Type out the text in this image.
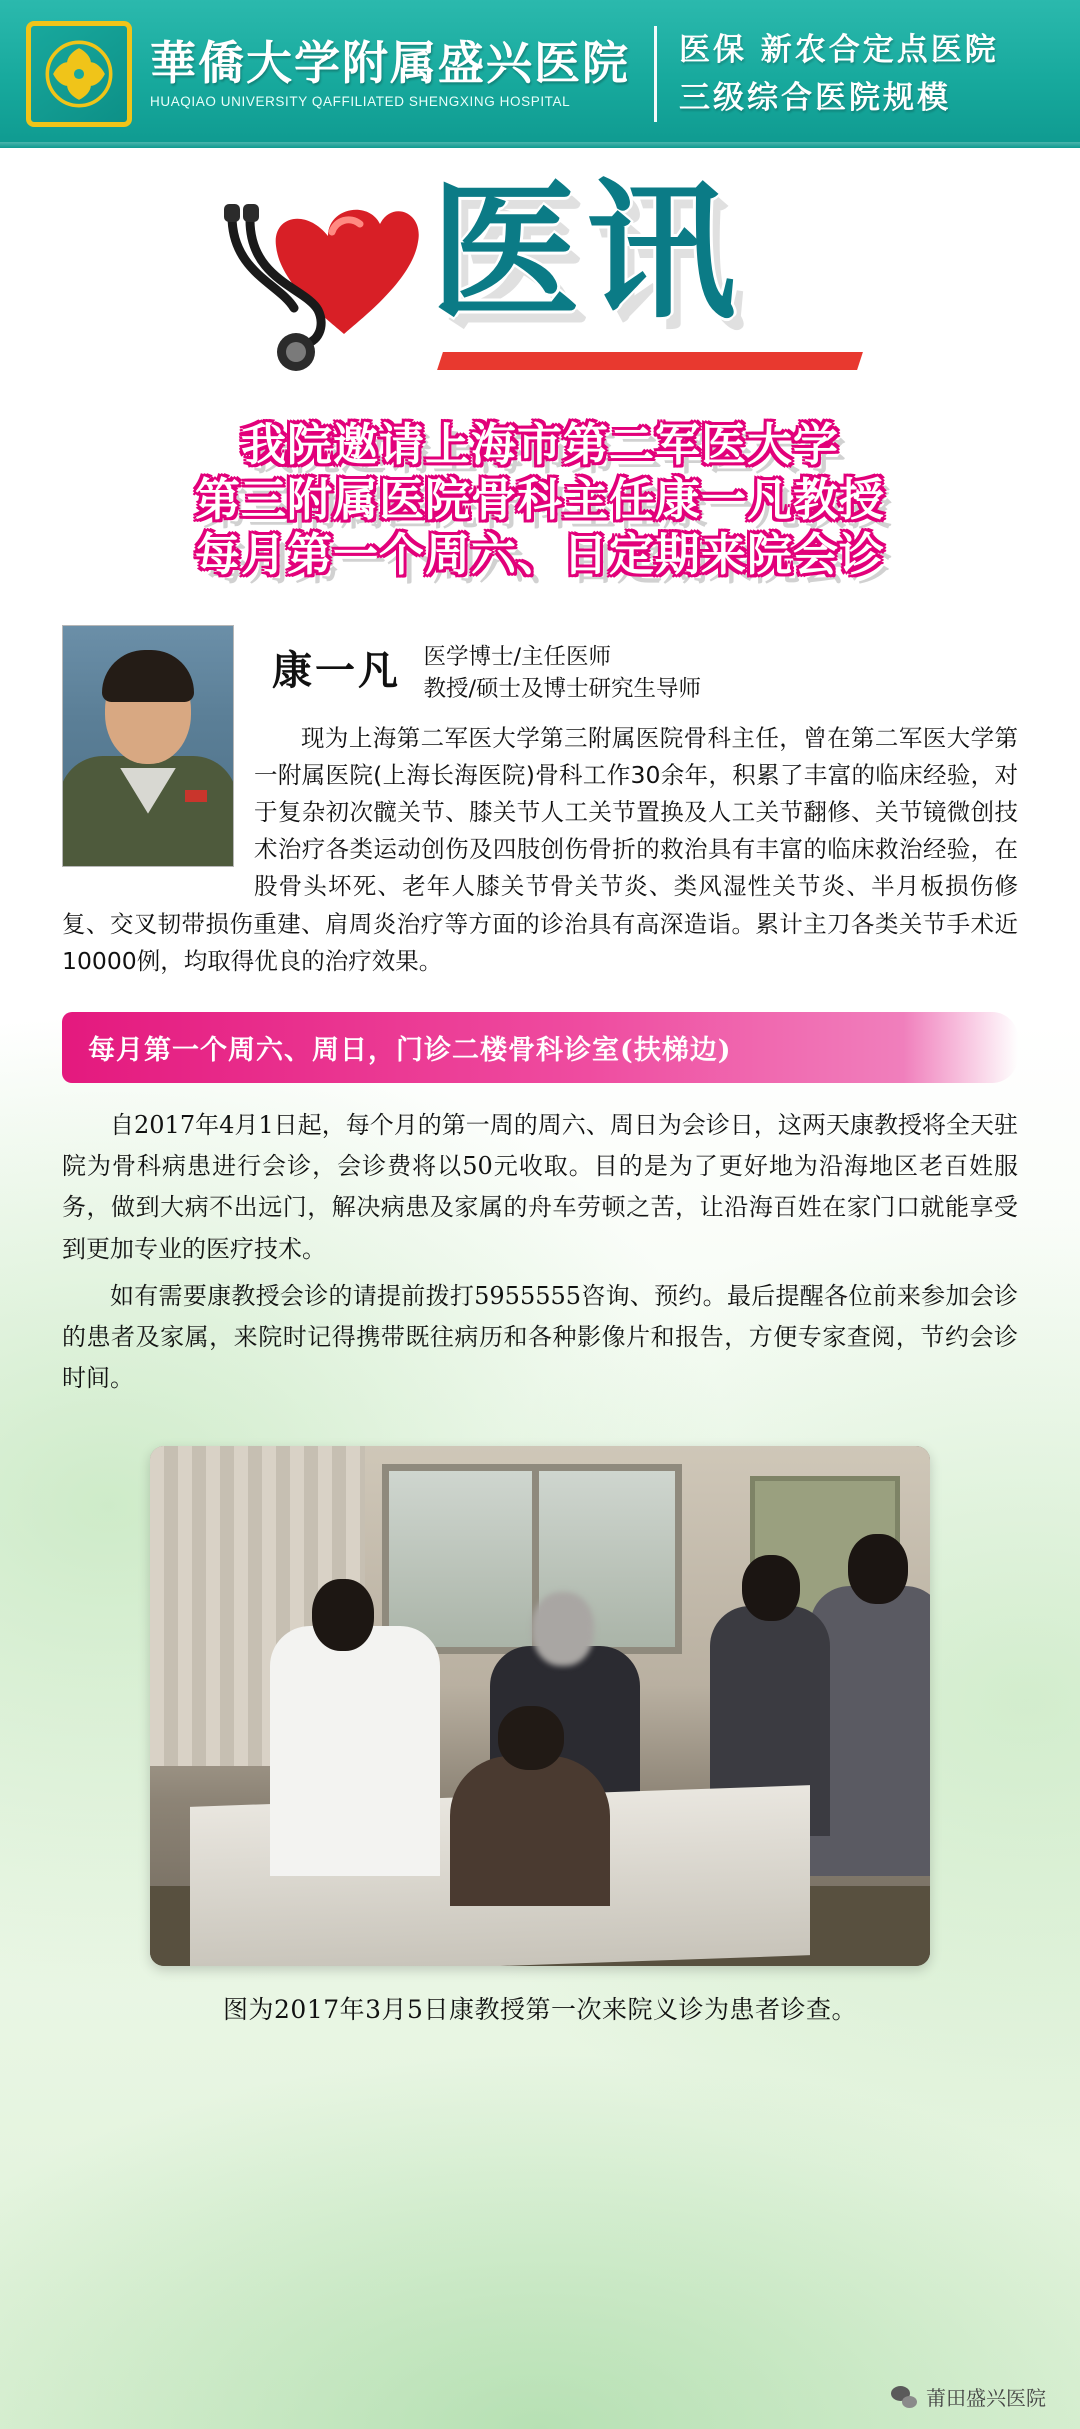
華僑大学附属盛兴医院
HUAQIAO UNIVERSITY QAFFILIATED SHENGXING HOSPITAL
医保 新农合定点医院
三级综合医院规模
医讯
我院邀请上海市第二军医大学
第三附属医院骨科主任康一凡教授
每月第一个周六、日定期来院会诊
康一凡 医学博士/主任医师
教授/硕士及博士研究生导师
现为上海第二军医大学第三附属医院骨科主任，曾在第二军医大学第一附属医院(上海长海医院)骨科工作30余年，积累了丰富的临床经验，对于复杂初次髋关节、膝关节人工关节置换及人工关节翻修、关节镜微创技术治疗各类运动创伤及四肢创伤骨折的救治具有丰富的临床救治经验，在股骨头坏死、老年人膝关节骨关节炎、类风湿性关节炎、半月板损伤修复、交叉韧带损伤重建、肩周炎治疗等方面的诊治具有高深造诣。累计主刀各类关节手术近10000例，均取得优良的治疗效果。
每月第一个周六、周日，门诊二楼骨科诊室(扶梯边)

自2017年4月1日起，每个月的第一周的周六、周日为会诊日，这两天康教授将全天驻院为骨科病患进行会诊，会诊费将以50元收取。目的是为了更好地为沿海地区老百姓服务，做到大病不出远门，解决病患及家属的舟车劳顿之苦，让沿海百姓在家门口就能享受到更加专业的医疗技术。

如有需要康教授会诊的请提前拨打5955555咨询、预约。最后提醒各位前来参加会诊的患者及家属，来院时记得携带既往病历和各种影像片和报告，方便专家查阅，节约会诊时间。

图为2017年3月5日康教授第一次来院义诊为患者诊查。
莆田盛兴医院
